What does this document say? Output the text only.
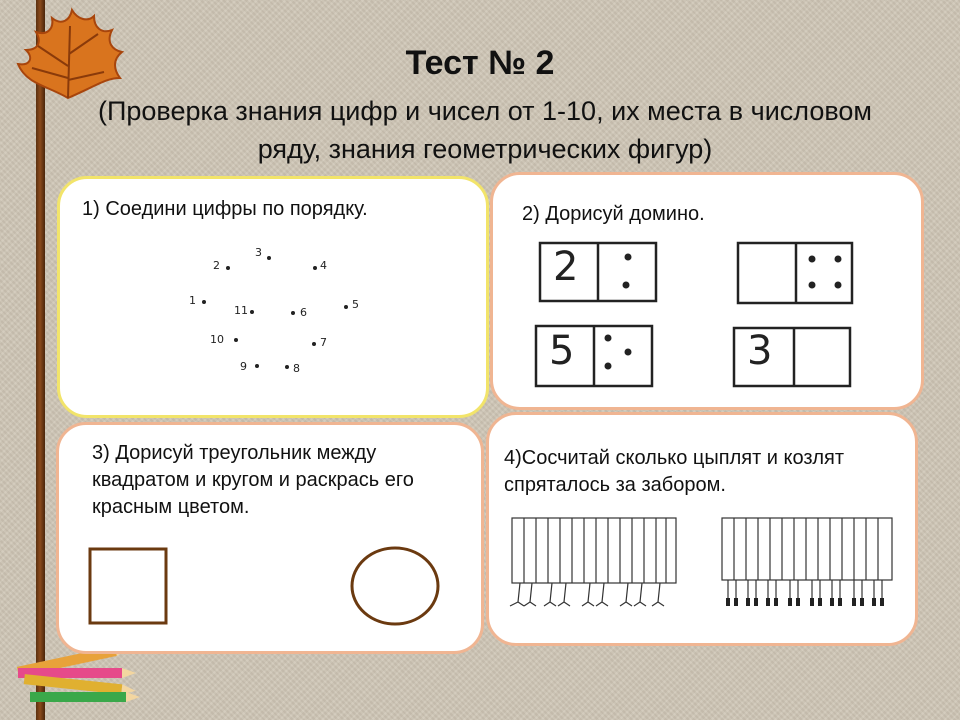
Тест № 2

(Проверка знания цифр и чисел от 1-10, их места в числовом ряду, знания геометрических фигур)

1) Соедини цифры по порядку.	2) Дорисуй домино.

3) Дорисуй треугольник между квадратом и кругом и раскрась его красным цветом.

4)Сосчитай сколько цыплят и козлят спряталось за забором.

1
2
3
4
5
6
7
8
9
10
11
2
5	3
